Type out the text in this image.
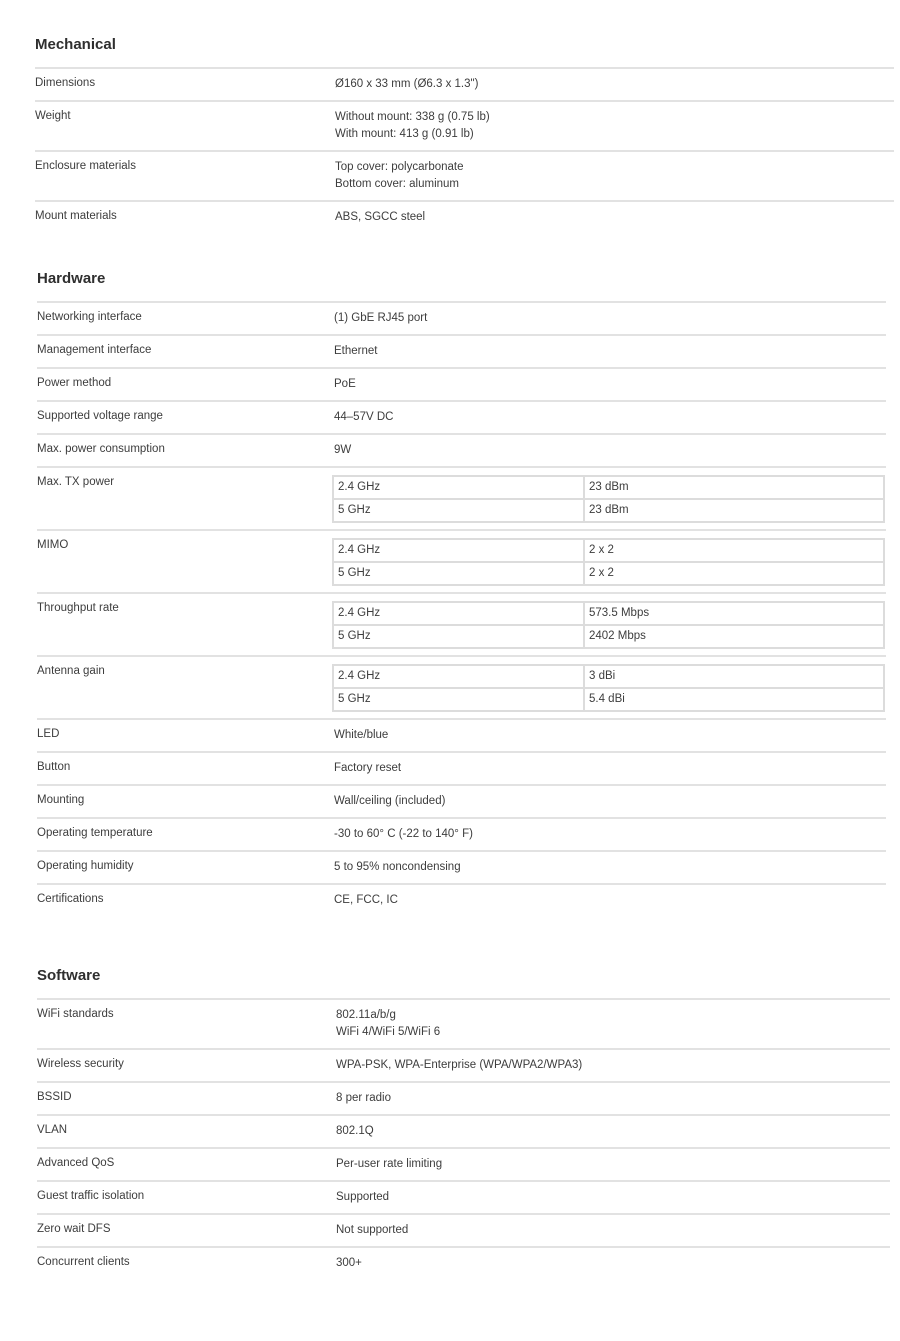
Mechanical
Dimensions	Ø160 x 33 mm (Ø6.3 x 1.3")
Weight	Without mount: 338 g (0.75 lb)
With mount: 413 g (0.91 lb)
Enclosure materials	Top cover: polycarbonate
Bottom cover: aluminum
Mount materials	ABS, SGCC steel
Hardware
Networking interface	(1) GbE RJ45 port
Management interface	Ethernet
Power method	PoE
Supported voltage range	44–57V DC
Max. power consumption	9W
Max. TX power	2.4 GHz	23 dBm
5 GHz	23 dBm
MIMO	2.4 GHz	2 x 2
5 GHz	2 x 2
Throughput rate	2.4 GHz	573.5 Mbps
5 GHz	2402 Mbps
Antenna gain	2.4 GHz	3 dBi
5 GHz	5.4 dBi
LED	White/blue
Button	Factory reset
Mounting	Wall/ceiling (included)
Operating temperature	-30 to 60° C (-22 to 140° F)
Operating humidity	5 to 95% noncondensing
Certifications	CE, FCC, IC
Software
WiFi standards	802.11a/b/g
WiFi 4/WiFi 5/WiFi 6
Wireless security	WPA-PSK, WPA-Enterprise (WPA/WPA2/WPA3)
BSSID	8 per radio
VLAN	802.1Q
Advanced QoS	Per-user rate limiting
Guest traffic isolation	Supported
Zero wait DFS	Not supported
Concurrent clients	300+
